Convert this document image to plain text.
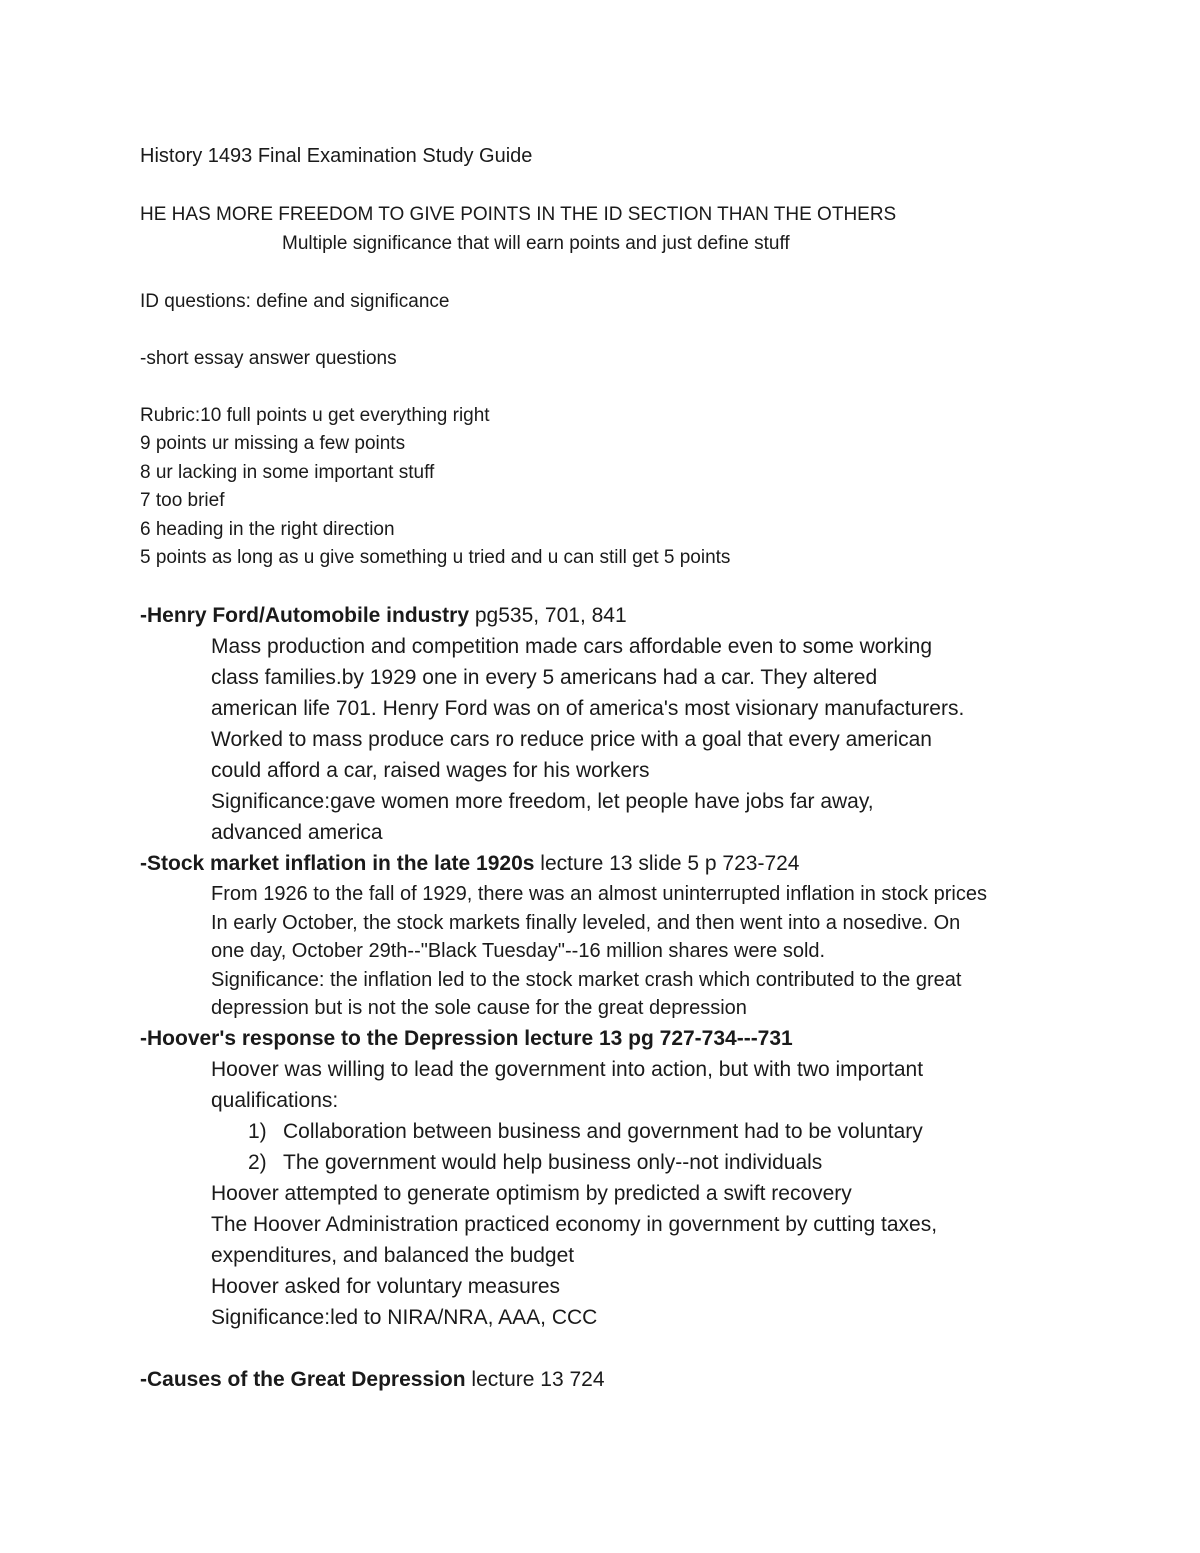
History 1493 Final Examination Study Guide

HE HAS MORE FREEDOM TO GIVE POINTS IN THE ID SECTION THAN THE OTHERS

Multiple significance that will earn points and just define stuff

ID questions: define and significance

-short essay answer questions

Rubric:10 full points u get everything right

9 points ur missing a few points

8 ur lacking in some important stuff

7 too brief

6 heading in the right direction

5 points as long as u give something u tried and u can still get 5 points

-Henry Ford/Automobile industry pg535, 701, 841

Mass production and competition made cars affordable even to some working

class families.by 1929 one in every 5 americans had a car. They altered

american life 701. Henry Ford was on of america's most visionary manufacturers.

Worked to mass produce cars ro reduce price with a goal that every american

could afford a car, raised wages for his workers

Significance:gave women more freedom, let people have jobs far away,

advanced america

-Stock market inflation in the late 1920s lecture 13 slide 5 p 723-724

From 1926 to the fall of 1929, there was an almost uninterrupted inflation in stock prices

In early October, the stock markets finally leveled, and then went into a nosedive. On

one day, October 29th--"Black Tuesday"--16 million shares were sold.

Significance: the inflation led to the stock market crash which contributed to the great

depression but is not the sole cause for the great depression

-Hoover's response to the Depression lecture 13 pg 727-734---731

Hoover was willing to lead the government into action, but with two important

qualifications:

1) Collaboration between business and government had to be voluntary

2) The government would help business only--not individuals

Hoover attempted to generate optimism by predicted a swift recovery

The Hoover Administration practiced economy in government by cutting taxes,

expenditures, and balanced the budget

Hoover asked for voluntary measures

Significance:led to NIRA/NRA, AAA, CCC

-Causes of the Great Depression lecture 13 724
